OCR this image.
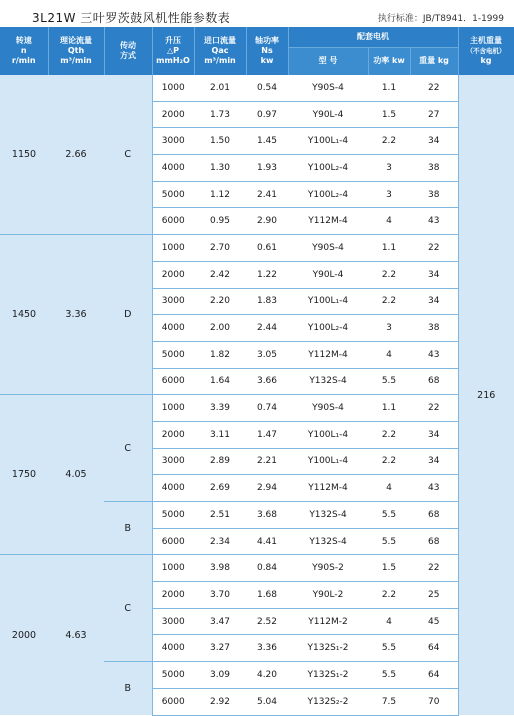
3L21W 三叶罗茨鼓风机性能参数表	执行标准：JB/T8941．1-1999
转速
n
r/min	理论流量
Qth
m³/min	传动
方式	升压
△P
mmH₂O	进口流量
Qac
m³/min	轴功率
Ns
kw	配套电机			主机重量
（不含电机）
kg
						型 号	功率 kw	重量 kg	
1150	2.66	C	1000	2.01	0.54	Y90S-4	1.1	22	216
			2000	1.73	0.97	Y90L-4	1.5	27	
			3000	1.50	1.45	Y100L₁-4	2.2	34	
			4000	1.30	1.93	Y100L₂-4	3	38	
			5000	1.12	2.41	Y100L₂-4	3	38	
			6000	0.95	2.90	Y112M-4	4	43	
1450	3.36	D	1000	2.70	0.61	Y90S-4	1.1	22	
			2000	2.42	1.22	Y90L-4	2.2	34	
			3000	2.20	1.83	Y100L₁-4	2.2	34	
			4000	2.00	2.44	Y100L₂-4	3	38	
			5000	1.82	3.05	Y112M-4	4	43	
			6000	1.64	3.66	Y132S-4	5.5	68	
1750	4.05	C	1000	3.39	0.74	Y90S-4	1.1	22	
			2000	3.11	1.47	Y100L₁-4	2.2	34	
			3000	2.89	2.21	Y100L₁-4	2.2	34	
			4000	2.69	2.94	Y112M-4	4	43	
		B	5000	2.51	3.68	Y132S-4	5.5	68	
			6000	2.34	4.41	Y132S-4	5.5	68	
2000	4.63	C	1000	3.98	0.84	Y90S-2	1.5	22	
			2000	3.70	1.68	Y90L-2	2.2	25	
			3000	3.47	2.52	Y112M-2	4	45	
			4000	3.27	3.36	Y132S₁-2	5.5	64	
		B	5000	3.09	4.20	Y132S₁-2	5.5	64	
			6000	2.92	5.04	Y132S₂-2	7.5	70	
